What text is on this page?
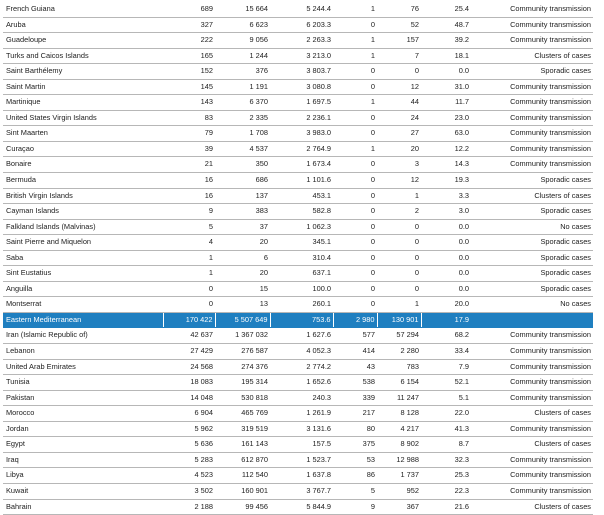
French Guiana	689	15 664	5 244.4	1	76	25.4	Community transmission
Aruba	327	6 623	6 203.3	0	52	48.7	Community transmission
Guadeloupe	222	9 056	2 263.3	1	157	39.2	Community transmission
Turks and Caicos Islands	165	1 244	3 213.0	1	7	18.1	Clusters of cases
Saint Barthélemy	152	376	3 803.7	0	0	0.0	Sporadic cases
Saint Martin	145	1 191	3 080.8	0	12	31.0	Community transmission
Martinique	143	6 370	1 697.5	1	44	11.7	Community transmission
United States Virgin Islands	83	2 335	2 236.1	0	24	23.0	Community transmission
Sint Maarten	79	1 708	3 983.0	0	27	63.0	Community transmission
Curaçao	39	4 537	2 764.9	1	20	12.2	Community transmission
Bonaire	21	350	1 673.4	0	3	14.3	Community transmission
Bermuda	16	686	1 101.6	0	12	19.3	Sporadic cases
British Virgin Islands	16	137	453.1	0	1	3.3	Clusters of cases
Cayman Islands	9	383	582.8	0	2	3.0	Sporadic cases
Falkland Islands (Malvinas)	5	37	1 062.3	0	0	0.0	No cases
Saint Pierre and Miquelon	4	20	345.1	0	0	0.0	Sporadic cases
Saba	1	6	310.4	0	0	0.0	Sporadic cases
Sint Eustatius	1	20	637.1	0	0	0.0	Sporadic cases
Anguilla	0	15	100.0	0	0	0.0	Sporadic cases
Montserrat	0	13	260.1	0	1	20.0	No cases
Eastern Mediterranean	170 422	5 507 649	753.6	2 980	130 901	17.9	
Iran (Islamic Republic of)	42 637	1 367 032	1 627.6	577	57 294	68.2	Community transmission
Lebanon	27 429	276 587	4 052.3	414	2 280	33.4	Community transmission
United Arab Emirates	24 568	274 376	2 774.2	43	783	7.9	Community transmission
Tunisia	18 083	195 314	1 652.6	538	6 154	52.1	Community transmission
Pakistan	14 048	530 818	240.3	339	11 247	5.1	Community transmission
Morocco	6 904	465 769	1 261.9	217	8 128	22.0	Clusters of cases
Jordan	5 962	319 519	3 131.6	80	4 217	41.3	Community transmission
Egypt	5 636	161 143	157.5	375	8 902	8.7	Clusters of cases
Iraq	5 283	612 870	1 523.7	53	12 988	32.3	Community transmission
Libya	4 523	112 540	1 637.8	86	1 737	25.3	Community transmission
Kuwait	3 502	160 901	3 767.7	5	952	22.3	Community transmission
Bahrain	2 188	99 456	5 844.9	9	367	21.6	Clusters of cases
